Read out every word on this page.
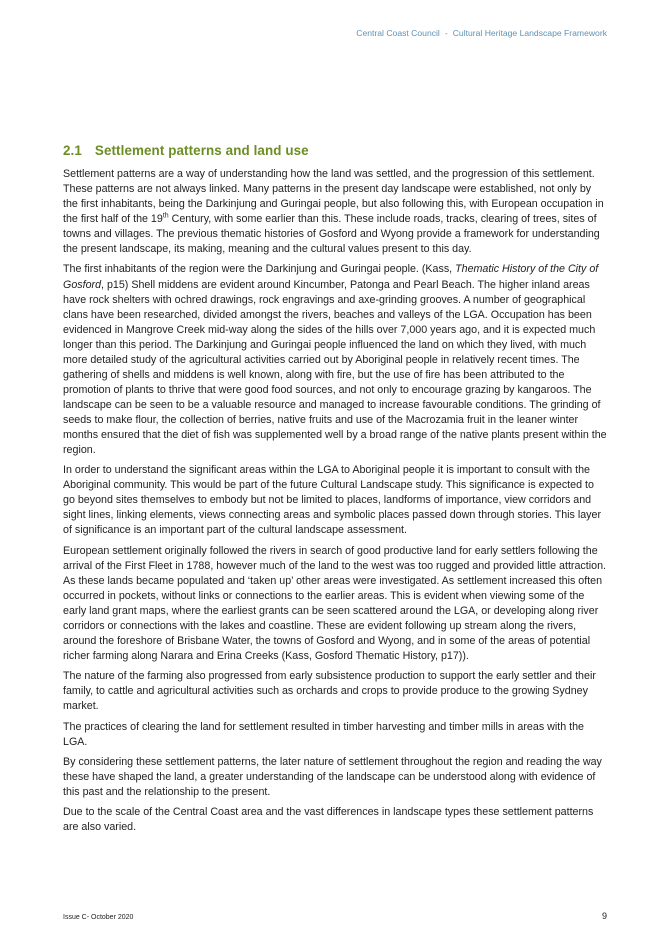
Central Coast Council - Cultural Heritage Landscape Framework
2.1 Settlement patterns and land use

Settlement patterns are a way of understanding how the land was settled, and the progression of this settlement. These patterns are not always linked. Many patterns in the present day landscape were established, not only by the first inhabitants, being the Darkinjung and Guringai people, but also following this, with European occupation in the first half of the 19th Century, with some earlier than this. These include roads, tracks, clearing of trees, sites of towns and villages. The previous thematic histories of Gosford and Wyong provide a framework for understanding the present landscape, its making, meaning and the cultural values present to this day.

The first inhabitants of the region were the Darkinjung and Guringai people. (Kass, Thematic History of the City of Gosford, p15) Shell middens are evident around Kincumber, Patonga and Pearl Beach. The higher inland areas have rock shelters with ochred drawings, rock engravings and axe-grinding grooves. A number of geographical clans have been researched, divided amongst the rivers, beaches and valleys of the LGA. Occupation has been evidenced in Mangrove Creek mid-way along the sides of the hills over 7,000 years ago, and it is expected much longer than this period. The Darkinjung and Guringai people influenced the land on which they lived, with much more detailed study of the agricultural activities carried out by Aboriginal people in relatively recent times. The gathering of shells and middens is well known, along with fire, but the use of fire has been attributed to the promotion of plants to thrive that were good food sources, and not only to encourage grazing by kangaroos. The landscape can be seen to be a valuable resource and managed to increase favourable conditions. The grinding of seeds to make flour, the collection of berries, native fruits and use of the Macrozamia fruit in the leaner winter months ensured that the diet of fish was supplemented well by a broad range of the native plants present within the region.

In order to understand the significant areas within the LGA to Aboriginal people it is important to consult with the Aboriginal community. This would be part of the future Cultural Landscape study. This significance is expected to go beyond sites themselves to embody but not be limited to places, landforms of importance, view corridors and sight lines, linking elements, views connecting areas and symbolic places passed down through stories. This layer of significance is an important part of the cultural landscape assessment.

European settlement originally followed the rivers in search of good productive land for early settlers following the arrival of the First Fleet in 1788, however much of the land to the west was too rugged and provided little attraction. As these lands became populated and ‘taken up’ other areas were investigated. As settlement increased this often occurred in pockets, without links or connections to the earlier areas. This is evident when viewing some of the early land grant maps, where the earliest grants can be seen scattered around the LGA, or developing along river corridors or connections with the lakes and coastline. These are evident following up stream along the rivers, around the foreshore of Brisbane Water, the towns of Gosford and Wyong, and in some of the areas of potential richer farming along Narara and Erina Creeks (Kass, Gosford Thematic History, p17)).

The nature of the farming also progressed from early subsistence production to support the early settler and their family, to cattle and agricultural activities such as orchards and crops to provide produce to the growing Sydney market.

The practices of clearing the land for settlement resulted in timber harvesting and timber mills in areas with the LGA.

By considering these settlement patterns, the later nature of settlement throughout the region and reading the way these have shaped the land, a greater understanding of the landscape can be understood along with evidence of this past and the relationship to the present.

Due to the scale of the Central Coast area and the vast differences in landscape types these settlement patterns are also varied.

Issue C- October 2020	9
